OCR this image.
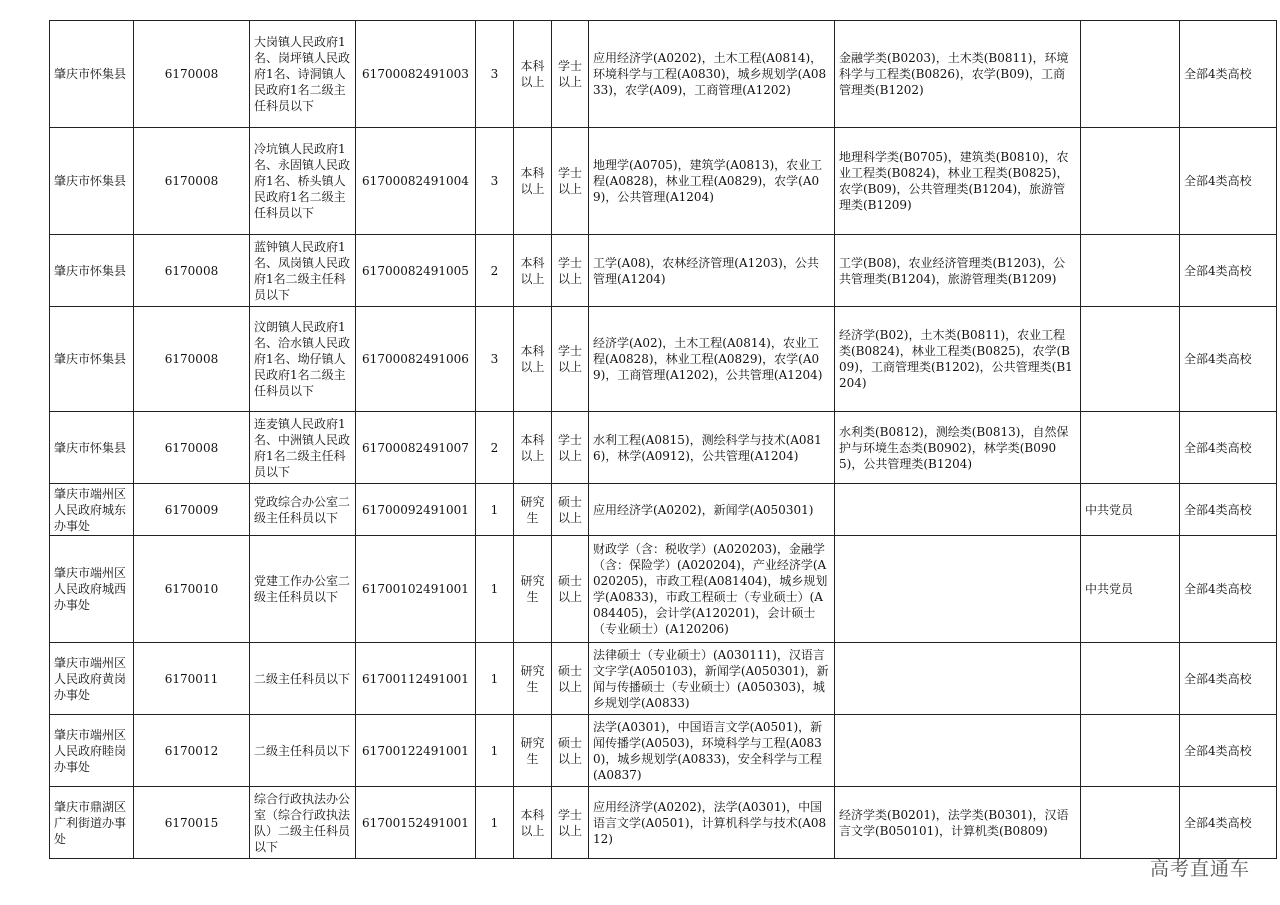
肇庆市怀集县	6170008	大岗镇人民政府1名、岗坪镇人民政府1名、诗洞镇人民政府1名二级主任科员以下	61700082491003	3	本科以上	学士以上	应用经济学(A0202)，土木工程(A0814)，环境科学与工程(A0830)，城乡规划学(A0833)，农学(A09)，工商管理(A1202)	金融学类(B0203)，土木类(B0811)，环境科学与工程类(B0826)，农学(B09)，工商管理类(B1202)		全部4类高校
肇庆市怀集县	6170008	冷坑镇人民政府1名、永固镇人民政府1名、桥头镇人民政府1名二级主任科员以下	61700082491004	3	本科以上	学士以上	地理学(A0705)，建筑学(A0813)，农业工程(A0828)，林业工程(A0829)，农学(A09)，公共管理(A1204)	地理科学类(B0705)，建筑类(B0810)，农业工程类(B0824)，林业工程类(B0825)，农学(B09)，公共管理类(B1204)，旅游管理类(B1209)		全部4类高校
肇庆市怀集县	6170008	蓝钟镇人民政府1名、凤岗镇人民政府1名二级主任科员以下	61700082491005	2	本科以上	学士以上	工学(A08)，农林经济管理(A1203)，公共管理(A1204)	工学(B08)，农业经济管理类(B1203)，公共管理类(B1204)，旅游管理类(B1209)		全部4类高校
肇庆市怀集县	6170008	汶朗镇人民政府1名、洽水镇人民政府1名、坳仔镇人民政府1名二级主任科员以下	61700082491006	3	本科以上	学士以上	经济学(A02)，土木工程(A0814)，农业工程(A0828)，林业工程(A0829)，农学(A09)，工商管理(A1202)，公共管理(A1204)	经济学(B02)，土木类(B0811)，农业工程类(B0824)，林业工程类(B0825)，农学(B09)，工商管理类(B1202)，公共管理类(B1204)		全部4类高校
肇庆市怀集县	6170008	连麦镇人民政府1名、中洲镇人民政府1名二级主任科员以下	61700082491007	2	本科以上	学士以上	水利工程(A0815)，测绘科学与技术(A0816)，林学(A0912)，公共管理(A1204)	水利类(B0812)，测绘类(B0813)，自然保护与环境生态类(B0902)，林学类(B0905)，公共管理类(B1204)		全部4类高校
肇庆市端州区人民政府城东办事处	6170009	党政综合办公室二级主任科员以下	61700092491001	1	研究生	硕士以上	应用经济学(A0202)，新闻学(A050301)		中共党员	全部4类高校
肇庆市端州区人民政府城西办事处	6170010	党建工作办公室二级主任科员以下	61700102491001	1	研究生	硕士以上	财政学（含：税收学）(A020203)，金融学（含：保险学）(A020204)，产业经济学(A020205)，市政工程(A081404)，城乡规划学(A0833)，市政工程硕士（专业硕士）(A084405)，会计学(A120201)，会计硕士（专业硕士）(A120206)		中共党员	全部4类高校
肇庆市端州区人民政府黄岗办事处	6170011	二级主任科员以下	61700112491001	1	研究生	硕士以上	法律硕士（专业硕士）(A030111)，汉语言文字学(A050103)，新闻学(A050301)，新闻与传播硕士（专业硕士）(A050303)，城乡规划学(A0833)			全部4类高校
肇庆市端州区人民政府睦岗办事处	6170012	二级主任科员以下	61700122491001	1	研究生	硕士以上	法学(A0301)，中国语言文学(A0501)，新闻传播学(A0503)，环境科学与工程(A0830)，城乡规划学(A0833)，安全科学与工程(A0837)			全部4类高校
肇庆市鼎湖区广利街道办事处	6170015	综合行政执法办公室（综合行政执法队）二级主任科员以下	61700152491001	1	本科以上	学士以上	应用经济学(A0202)，法学(A0301)，中国语言文学(A0501)，计算机科学与技术(A0812)	经济学类(B0201)，法学类(B0301)，汉语言文学(B050101)，计算机类(B0809)		全部4类高校
高考直通车
